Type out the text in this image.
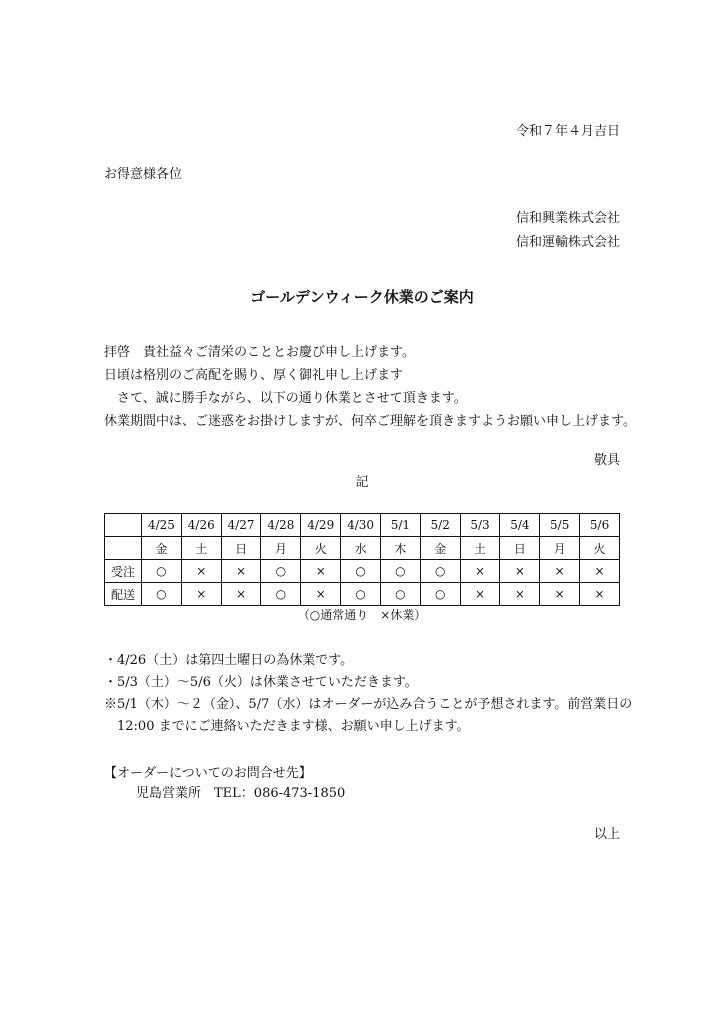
令和７年４月吉日
お得意様各位
信和興業株式会社
信和運輸株式会社
ゴールデンウィーク休業のご案内
拝啓　貴社益々ご清栄のこととお慶び申し上げます。
日頃は格別のご高配を賜り、厚く御礼申し上げます
　さて、誠に勝手ながら、以下の通り休業とさせて頂きます。
休業期間中は、ご迷惑をお掛けしますが、何卒ご理解を頂きますようお願い申し上げます。
敬具
記
	4/25	4/26	4/27	4/28	4/29	4/30	5/1	5/2	5/3	5/4	5/5	5/6
	金	土	日	月	火	水	木	金	土	日	月	火
受注	○	×	×	○	×	○	○	○	×	×	×	×
配送	○	×	×	○	×	○	○	○	×	×	×	×
（○通常通り　×休業）
・4/26（土）は第四土曜日の為休業です。
・5/3（土）～5/6（火）は休業させていただきます。
※5/1（木）～２（金）、5/7（水）はオーダーが込み合うことが予想されます。前営業日の
　12:00 までにご連絡いただきます様、お願い申し上げます。
【オーダーについてのお問合せ先】
児島営業所　TEL：086-473-1850
以上
